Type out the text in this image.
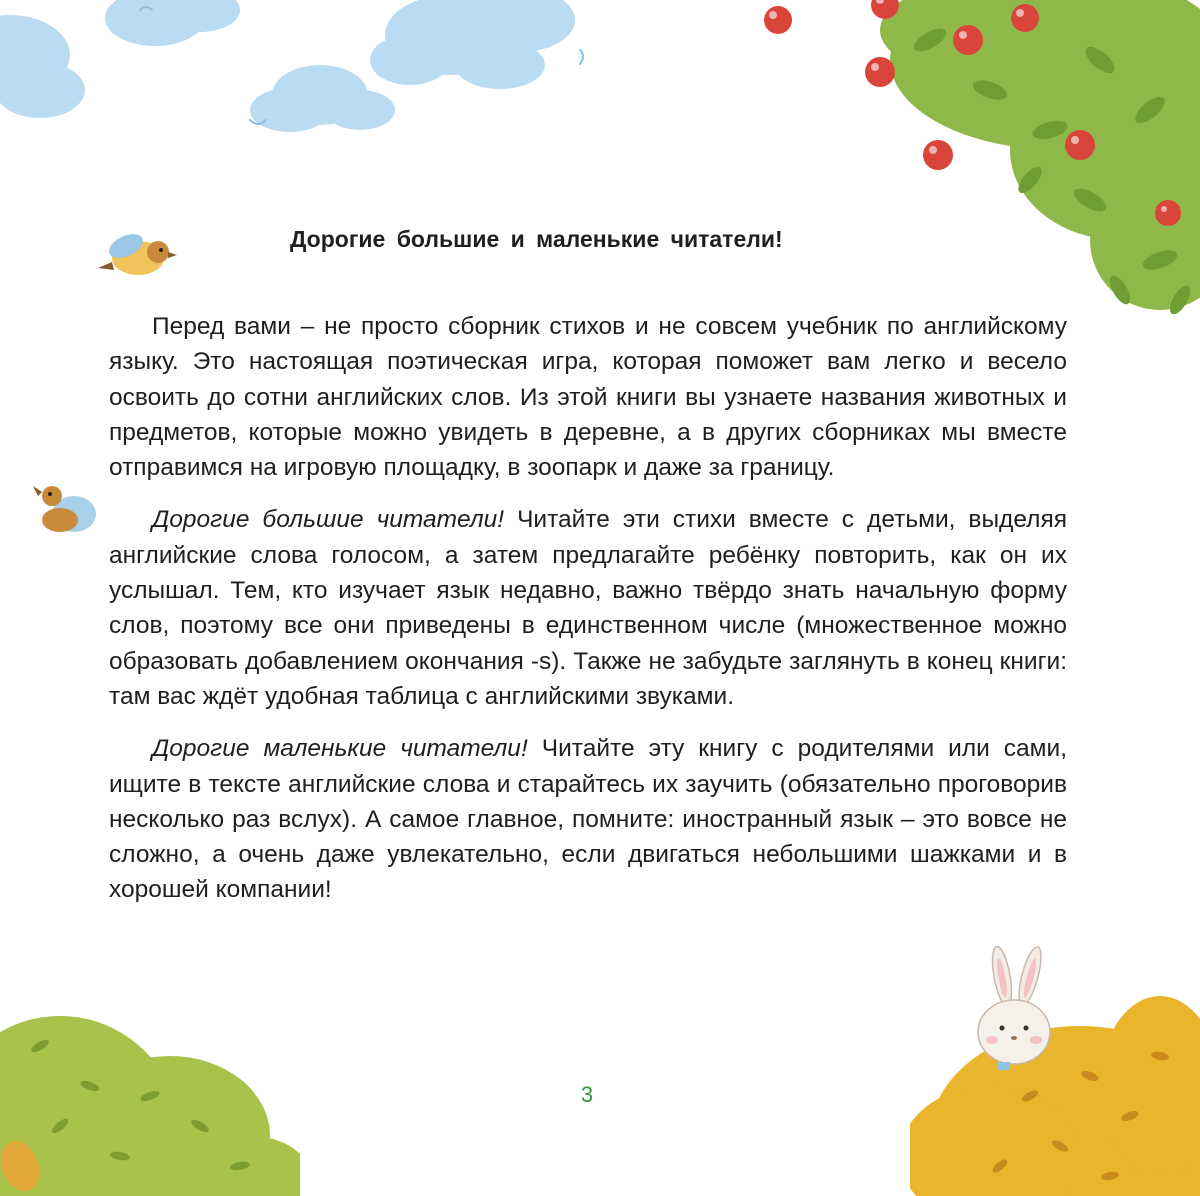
Дорогие большие и маленькие читатели!

Перед вами – не просто сборник стихов и не совсем учебник по английскому языку. Это настоящая поэтическая игра, которая поможет вам легко и весело освоить до сотни английских слов. Из этой книги вы узнаете названия животных и предметов, которые можно увидеть в деревне, а в других сборниках мы вместе отправимся на игровую площадку, в зоопарк и даже за границу.

Дорогие большие читатели! Читайте эти стихи вместе с детьми, выделяя английские слова голосом, а затем предлагайте ребёнку повторить, как он их услышал. Тем, кто изучает язык недавно, важно твёрдо знать начальную форму слов, поэтому все они приведены в единственном числе (множественное можно образовать добавлением окончания -s). Также не забудьте заглянуть в конец книги: там вас ждёт удобная таблица с английскими звуками.

Дорогие маленькие читатели! Читайте эту книгу с родителями или сами, ищите в тексте английские слова и старайтесь их заучить (обязательно проговорив несколько раз вслух). А самое главное, помните: иностранный язык – это вовсе не сложно, а очень даже увлекательно, если двигаться небольшими шажками и в хорошей компании!

3
